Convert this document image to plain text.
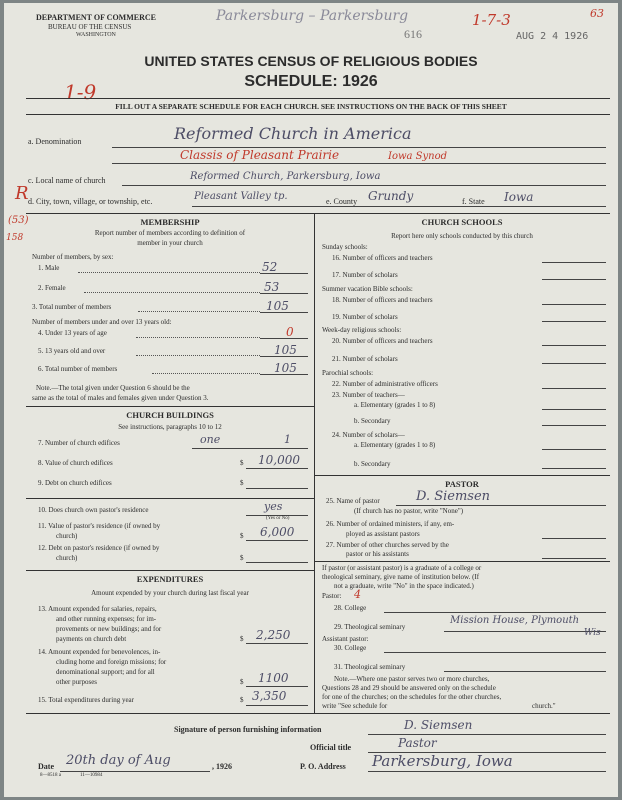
DEPARTMENT OF COMMERCE
BUREAU OF THE CENSUS
WASHINGTON
Parkersburg – Parkersburg
616
1-7-3	63
AUG 2 4 1926
UNITED STATES CENSUS OF RELIGIOUS BODIES
SCHEDULE: 1926
1-9
FILL OUT A SEPARATE SCHEDULE FOR EACH CHURCH. SEE INSTRUCTIONS ON THE BACK OF THIS SHEET
a. Denomination	Reformed Church in America
Classis of Pleasant Prairie	Iowa Synod
c. Local name of church	Reformed Church, Parkersburg, Iowa
R d. City, town, village, or township, etc.	Pleasant Valley tp.	e. County Grundy	f. State Iowa
MEMBERSHIP
Report number of members according to definition of
member in your church
(53)
158
Number of members, by sex:
1. Male	52
2. Female	53
3. Total number of members	105
Number of members under and over 13 years old:
4. Under 13 years of age	0
5. 13 years old and over	105
6. Total number of members	105
Note.—The total given under Question 6 should be the
same as the total of males and females given under Question 3.
CHURCH BUILDINGS
See instructions, paragraphs 10 to 12
7. Number of church edifices	one	1
8. Value of church edifices	$ 10,000
9. Debt on church edifices	$
10. Does church own pastor's residence	yes
(Yes or No)
11. Value of pastor's residence (if owned by
church)	$ 6,000
12. Debt on pastor's residence (if owned by
church)	$
EXPENDITURES
Amount expended by your church during last fiscal year
13. Amount expended for salaries, repairs,
and other running expenses; for im-
provements or new buildings; and for
payments on church debt	$ 2,250
14. Amount expended for benevolences, in-
cluding home and foreign missions; for
denominational support; and for all
other purposes	$ 1100
15. Total expenditures during year	$ 3,350
CHURCH SCHOOLS
Report here only schools conducted by this church
Sunday schools:
16. Number of officers and teachers
17. Number of scholars
Summer vacation Bible schools:
18. Number of officers and teachers
19. Number of scholars
Week-day religious schools:
20. Number of officers and teachers
21. Number of scholars
Parochial schools:
22. Number of administrative officers
23. Number of teachers—
a. Elementary (grades 1 to 8)
b. Secondary
24. Number of scholars—
a. Elementary (grades 1 to 8)
b. Secondary
PASTOR
25. Name of pastor	D. Siemsen
(If church has no pastor, write "None")
26. Number of ordained ministers, if any, em-
ployed as assistant pastors
27. Number of other churches served by the
pastor or his assistants
If pastor (or assistant pastor) is a graduate of a college or
theological seminary, give name of institution below. (If
not a graduate, write "No" in the space indicated.)
Pastor: 4
28. College
29. Theological seminary
Mission House, Plymouth
Wis
Assistant pastor:
30. College
31. Theological seminary
Note.—Where one pastor serves two or more churches,
Questions 28 and 29 should be answered only on the schedule
for one of the churches; on the schedules for the other churches,
write "See schedule for	church."
Signature of person furnishing information	D. Siemsen
Official title	Pastor
Date 20th day of Aug	, 1926	P. O. Address Parkersburg, Iowa
8—8518 a	11—10984
